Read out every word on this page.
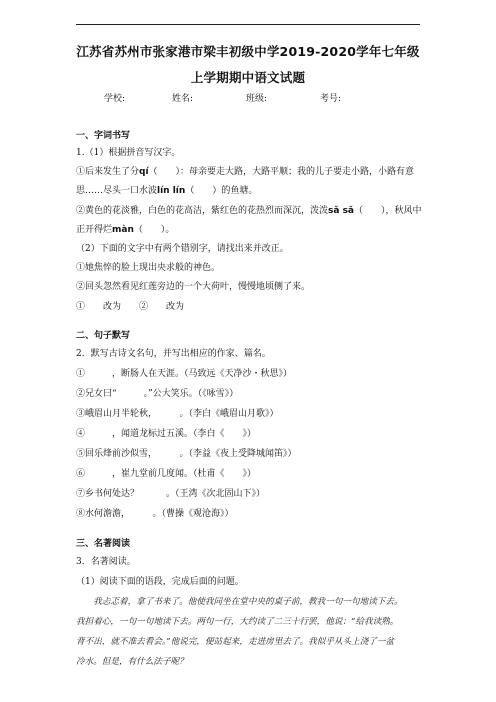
江苏省苏州市张家港市梁丰初级中学2019-2020学年七年级
上学期期中语文试题
学校:	姓名:	班级:	考号:
一、字词书写
1.（1）根据拼音写汉字。
①后来发生了分qí（　　）：母亲要走大路，大路平顺；我的儿子要走小路，小路有意
思……尽头一口水波lín lín（　　）的鱼塘。
②黄色的花淡雅，白色的花高洁，紫红色的花热烈而深沉，泼泼sǎ sǎ（　　），秋风中
正开得烂màn（　　）。
（2）下面的文字中有两个错别字，请找出来并改正。
①她焦悴的脸上现出央求般的神色。
②回头忽然看见红莲旁边的一个大荷叶，慢慢地顷侧了来。
①　　改为　　②　　改为
二、句子默写
2．默写古诗文名句，并写出相应的作家、篇名。
①　　　，断肠人在天涯。（马致远《天净沙・秋思》）
②兄女曰“　　　。”公大笑乐。（《咏雪》）
③峨眉山月半轮秋，　　　。（李白《峨眉山月歌》）
④　　　，闻道龙标过五溪。（李白《　　》）
⑤回乐烽前沙似雪，　　　。（李益《夜上受降城闻笛》）
⑥　　　，崔九堂前几度闻。（杜甫《　　》）
⑦乡书何处达？　　　。（王湾《次北固山下》）
⑧水何澹澹，　　　。（曹操《观沧海》）
三、名著阅读
3．名著阅读。
（1）阅读下面的语段，完成后面的问题。
　　我忐忑着，拿了书来了。他使我同坐在堂中央的桌子前，教我一句一句地读下去。
我担着心，一句一句地读下去。两句一行，大约读了二三十行罢，他说：“给我读熟。
背不出，就不准去看会。”他说完，便站起来，走进房里去了。我似乎从头上浇了一盆
冷水。但是，有什么法子呢？
